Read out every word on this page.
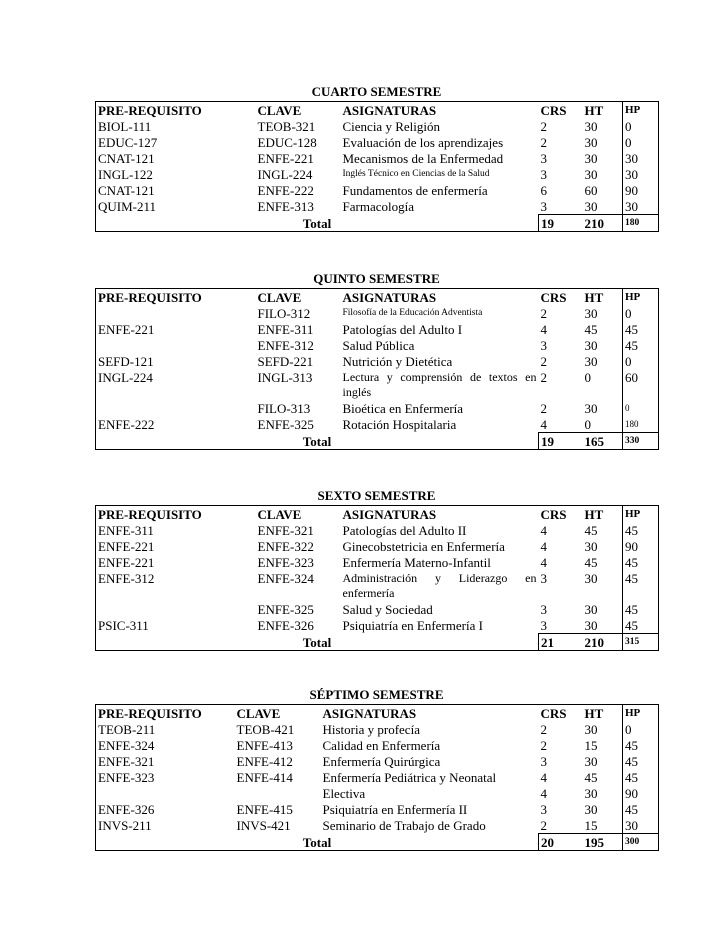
CUARTO SEMESTRE
PRE-REQUISITO	CLAVE	ASIGNATURAS	CRS	HT	HP
BIOL-111	TEOB-321	Ciencia y Religión	2	30	0
EDUC-127	EDUC-128	Evaluación de los aprendizajes	2	30	0
CNAT-121	ENFE-221	Mecanismos de la Enfermedad	3	30	30
INGL-122	INGL-224	Inglés Técnico en Ciencias de la Salud	3	30	30
CNAT-121	ENFE-222	Fundamentos de enfermería	6	60	90
QUIM-211	ENFE-313	Farmacología	3	30	30
Total			19	210	180
QUINTO SEMESTRE
PRE-REQUISITO	CLAVE	ASIGNATURAS	CRS	HT	HP
	FILO-312	Filosofía de la Educación Adventista	2	30	0
ENFE-221	ENFE-311	Patologías del Adulto I	4	45	45
	ENFE-312	Salud Pública	3	30	45
SEFD-121	SEFD-221	Nutrición y Dietética	2	30	0
INGL-224	INGL-313	Lectura y comprensión de textos en inglés	2	0	60
	FILO-313	Bioética en Enfermería	2	30	0
ENFE-222	ENFE-325	Rotación Hospitalaria	4	0	180
Total			19	165	330
SEXTO SEMESTRE
PRE-REQUISITO	CLAVE	ASIGNATURAS	CRS	HT	HP
ENFE-311	ENFE-321	Patologías del Adulto II	4	45	45
ENFE-221	ENFE-322	Ginecobstetricia en Enfermería	4	30	90
ENFE-221	ENFE-323	Enfermería Materno-Infantil	4	45	45
ENFE-312	ENFE-324	Administración y Liderazgo en enfermería	3	30	45
	ENFE-325	Salud y Sociedad	3	30	45
PSIC-311	ENFE-326	Psiquiatría en Enfermería I	3	30	45
Total			21	210	315
SÉPTIMO SEMESTRE
PRE-REQUISITO	CLAVE	ASIGNATURAS	CRS	HT	HP
TEOB-211	TEOB-421	Historia y profecía	2	30	0
ENFE-324	ENFE-413	Calidad en Enfermería	2	15	45
ENFE-321	ENFE-412	Enfermería Quirúrgica	3	30	45
ENFE-323	ENFE-414	Enfermería Pediátrica y Neonatal	4	45	45
		Electiva	4	30	90
ENFE-326	ENFE-415	Psiquiatría en Enfermería II	3	30	45
INVS-211	INVS-421	Seminario de Trabajo de Grado	2	15	30
Total			20	195	300
